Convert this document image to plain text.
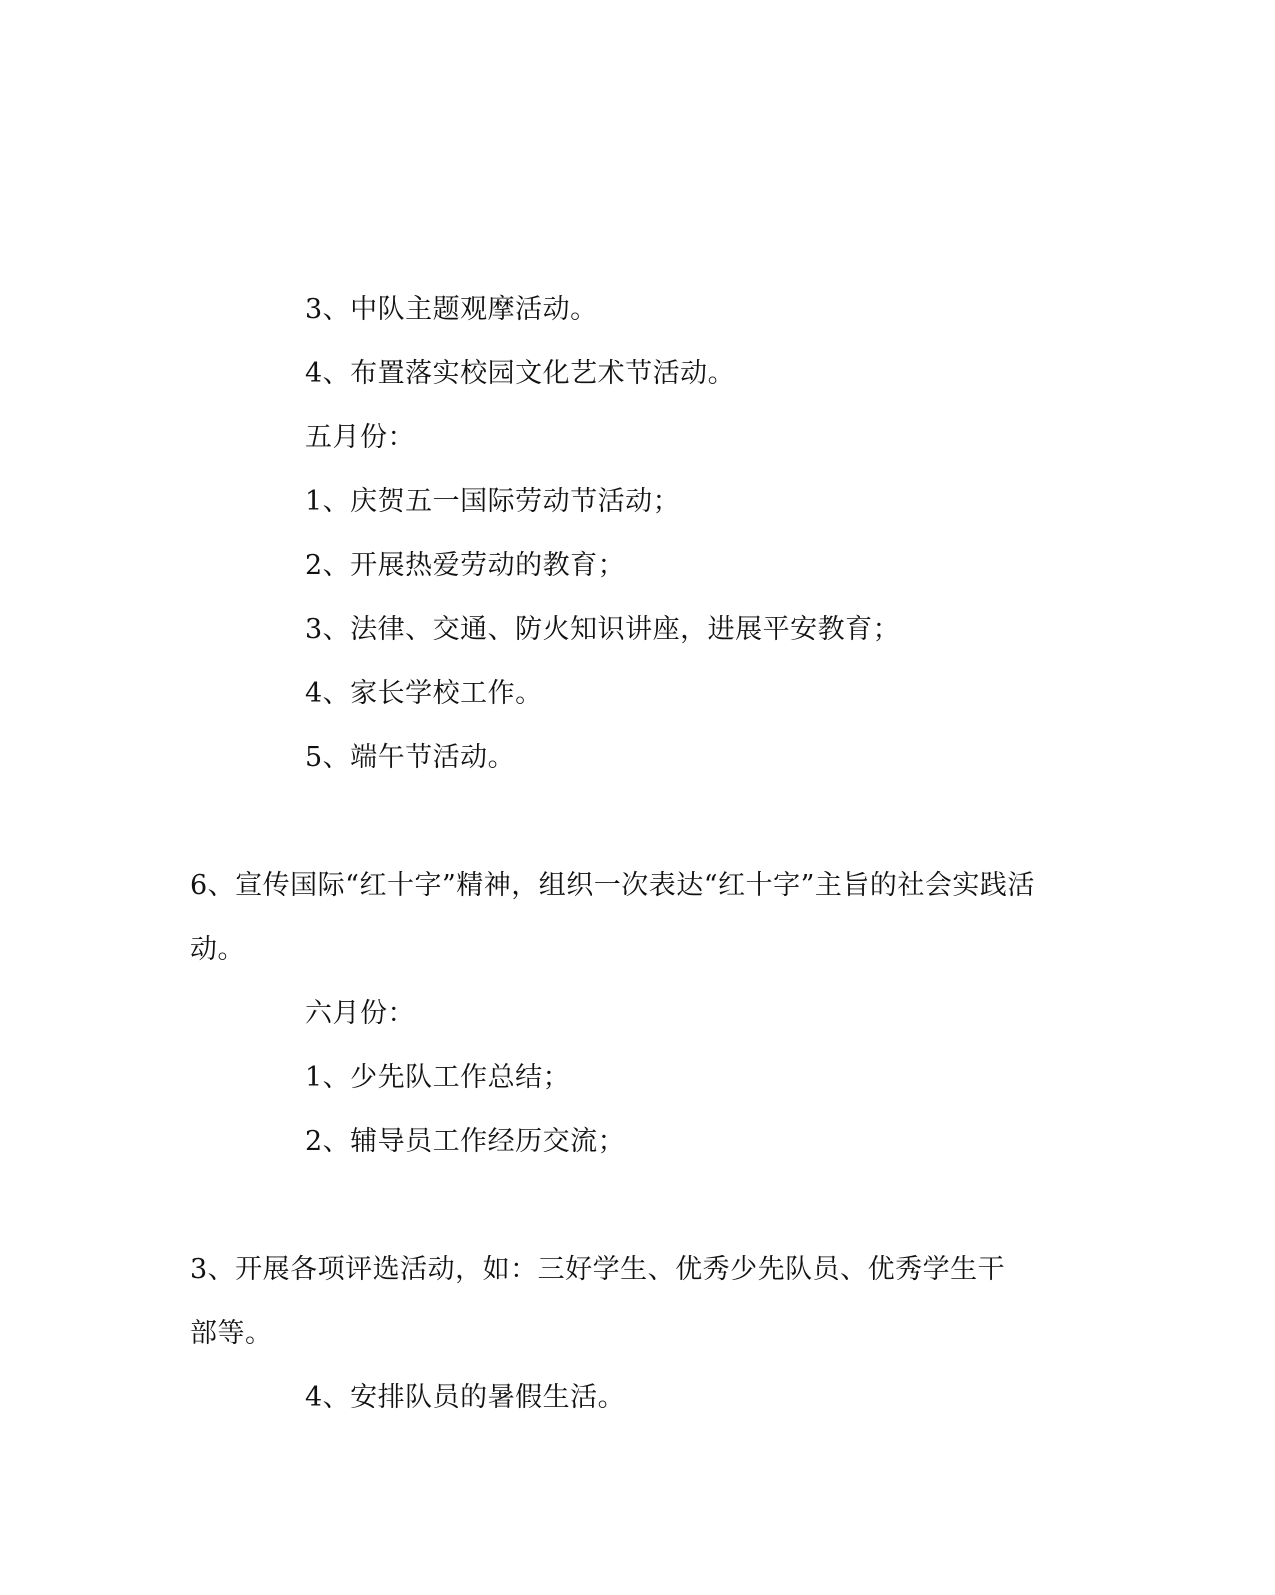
3、中队主题观摩活动。
4、布置落实校园文化艺术节活动。
五月份：
1、庆贺五一国际劳动节活动；
2、开展热爱劳动的教育；
3、法律、交通、防火知识讲座，进展平安教育；
4、家长学校工作。
5、端午节活动。
6、宣传国际“红十字”精神，组织一次表达“红十字”主旨的社会实践活
动。
六月份：
1、少先队工作总结；
2、辅导员工作经历交流；
3、开展各项评选活动，如：三好学生、优秀少先队员、优秀学生干
部等。
4、安排队员的暑假生活。
